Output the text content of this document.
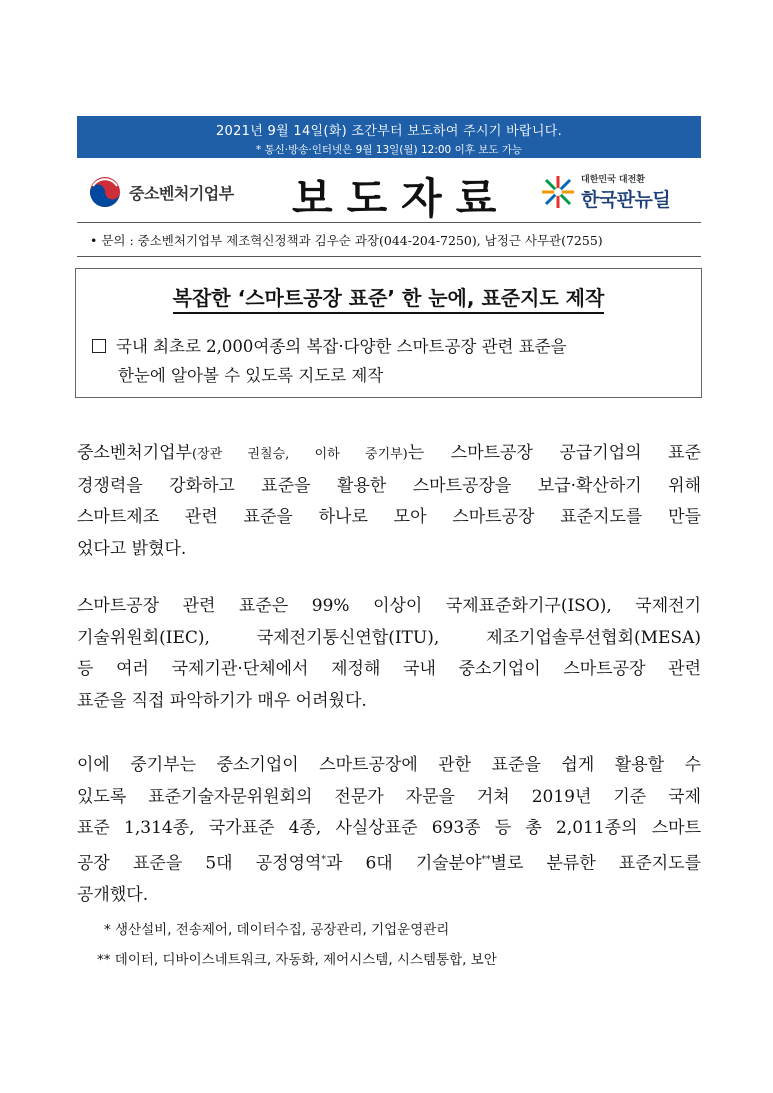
2021년 9월 14일(화) 조간부터 보도하여 주시기 바랍니다.
* 통신·방송·인터넷은 9월 13일(월) 12:00 이후 보도 가능
중소벤처기업부 보도자료	대한민국 대전환
한국판뉴딜
• 문의 : 중소벤처기업부 제조혁신정책과 김우순 과장(044-204-7250), 남정근 사무관(7255)
복잡한 ‘스마트공장 표준’ 한 눈에, 표준지도 제작
국내 최초로 2,000여종의 복잡·다양한 스마트공장 관련 표준을
한눈에 알아볼 수 있도록 지도로 제작
중소벤처기업부(장관 권칠승, 이하 중기부)는 스마트공장 공급기업의 표준
경쟁력을 강화하고 표준을 활용한 스마트공장을 보급·확산하기 위해
스마트제조 관련 표준을 하나로 모아 스마트공장 표준지도를 만들
었다고 밝혔다.
스마트공장 관련 표준은 99% 이상이 국제표준화기구(ISO), 국제전기
기술위원회(IEC), 국제전기통신연합(ITU), 제조기업솔루션협회(MESA)
등 여러 국제기관·단체에서 제정해 국내 중소기업이 스마트공장 관련
표준을 직접 파악하기가 매우 어려웠다.
이에 중기부는 중소기업이 스마트공장에 관한 표준을 쉽게 활용할 수
있도록 표준기술자문위원회의 전문가 자문을 거쳐 2019년 기준 국제
표준 1,314종, 국가표준 4종, 사실상표준 693종 등 총 2,011종의 스마트
공장 표준을 5대 공정영역*과 6대 기술분야**별로 분류한 표준지도를
공개했다.
* 생산설비, 전송제어, 데이터수집, 공장관리, 기업운영관리
** 데이터, 디바이스네트워크, 자동화, 제어시스템, 시스템통합, 보안
